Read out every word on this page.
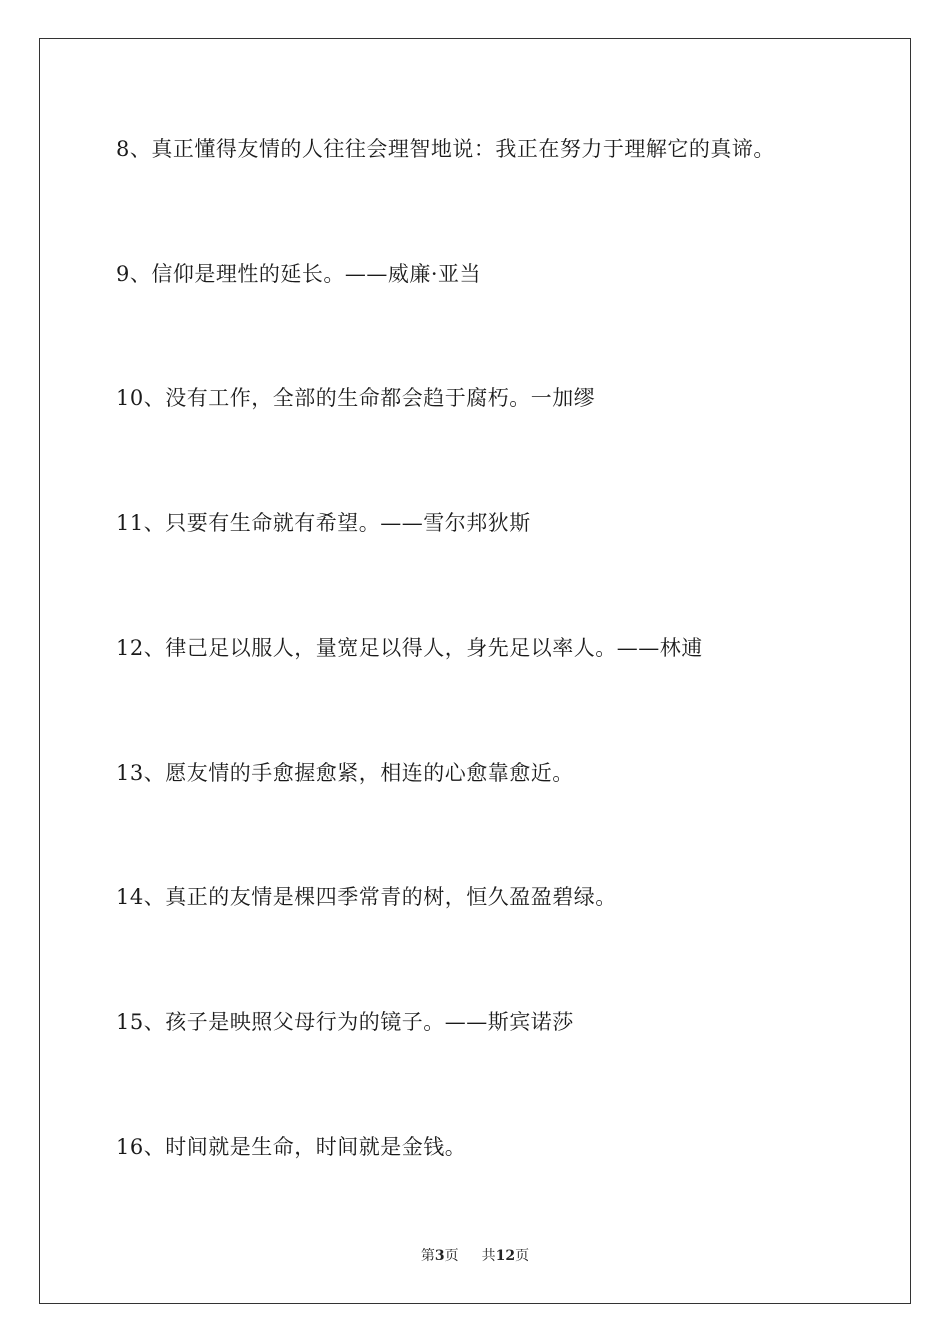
8、真正懂得友情的人往往会理智地说：我正在努力于理解它的真谛。
9、信仰是理性的延长。——威廉·亚当
10、没有工作，全部的生命都会趋于腐朽。一加缪
11、只要有生命就有希望。——雪尔邦狄斯
12、律己足以服人，量宽足以得人，身先足以率人。——林逋
13、愿友情的手愈握愈紧，相连的心愈靠愈近。
14、真正的友情是棵四季常青的树，恒久盈盈碧绿。
15、孩子是映照父母行为的镜子。——斯宾诺莎
16、时间就是生命，时间就是金钱。
第3页 共12页
